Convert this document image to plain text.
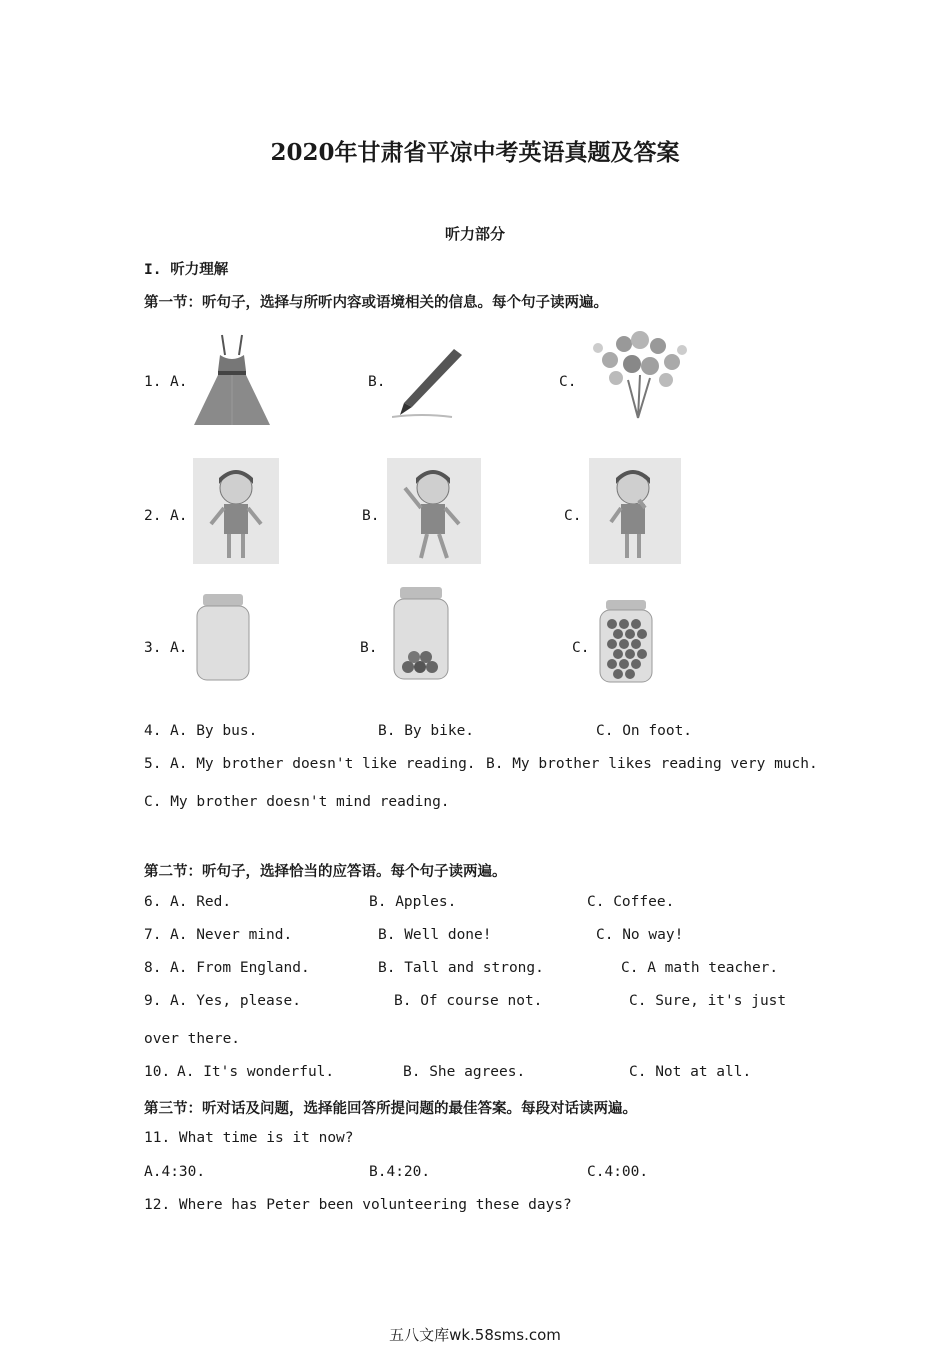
2020年甘肃省平凉中考英语真题及答案
听力部分
I. 听力理解
第一节：听句子，选择与所听内容或语境相关的信息。每个句子读两遍。
1. A.	B.	C.
2. A.	B.	C.
3. A.	B.	C.
4. A. By bus.	B. By bike.	C. On foot.
5. A. My brother doesn't like reading. B. My brother likes reading very much.
C. My brother doesn't mind reading.
第二节：听句子，选择恰当的应答语。每个句子读两遍。
6. A. Red.	B. Apples.	C. Coffee.
7. A. Never mind.	B. Well done!	C. No way!
8. A. From England.	B. Tall and strong.	C. A math teacher.
9. A. Yes, please.	B. Of course not.	C. Sure, it's just
over there.
10. A. It's wonderful.	B. She agrees.	C. Not at all.
第三节：听对话及问题，选择能回答所提问题的最佳答案。每段对话读两遍。
11. What time is it now?
A.4:30.	B.4:20.	C.4:00.
12. Where has Peter been volunteering these days?
五八文库wk.58sms.com
